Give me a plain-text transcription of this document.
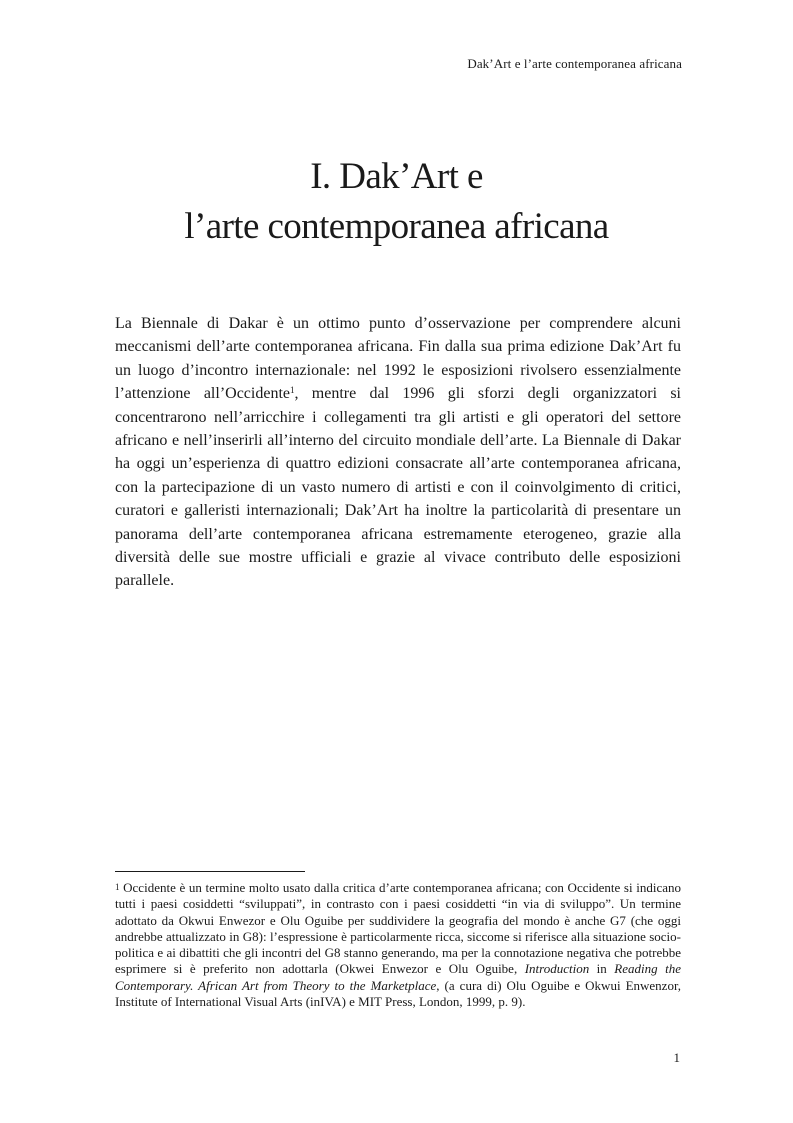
Dak’Art e l’arte contemporanea africana
I. Dak’Art e
l’arte contemporanea africana

La Biennale di Dakar è un ottimo punto d’osservazione per comprendere alcuni meccanismi dell’arte contemporanea africana. Fin dalla sua prima edizione Dak’Art fu un luogo d’incontro internazionale: nel 1992 le esposizioni rivolsero essenzialmente l’attenzione all’Occidente$^1$, mentre dal 1996 gli sforzi degli organizzatori si concentrarono nell’arricchire i collegamenti tra gli artisti e gli operatori del settore africano e nell’inserirli all’interno del circuito mondiale dell’arte. La Biennale di Dakar ha oggi un’esperienza di quattro edizioni consacrate all’arte contemporanea africana, con la partecipazione di un vasto numero di artisti e con il coinvolgimento di critici, curatori e galleristi internazionali; Dak’Art ha inoltre la particolarità di presentare un panorama dell’arte contemporanea africana estremamente eterogeneo, grazie alla diversità delle sue mostre ufficiali e grazie al vivace contributo delle esposizioni parallele.

1 Occidente è un termine molto usato dalla critica d’arte contemporanea africana; con Occidente si indicano tutti i paesi cosiddetti “sviluppati”, in contrasto con i paesi cosiddetti “in via di sviluppo”. Un termine adottato da Okwui Enwezor e Olu Oguibe per suddividere la geografia del mondo è anche G7 (che oggi andrebbe attualizzato in G8): l’espressione è particolarmente ricca, siccome si riferisce alla situazione socio-politica e ai dibattiti che gli incontri del G8 stanno generando, ma per la connotazione negativa che potrebbe esprimere si è preferito non adottarla (Okwei Enwezor e Olu Oguibe, Introduction in Reading the Contemporary. African Art from Theory to the Marketplace, (a cura di) Olu Oguibe e Okwui Enwenzor, Institute of International Visual Arts (inIVA) e MIT Press, London, 1999, p. 9).

1
